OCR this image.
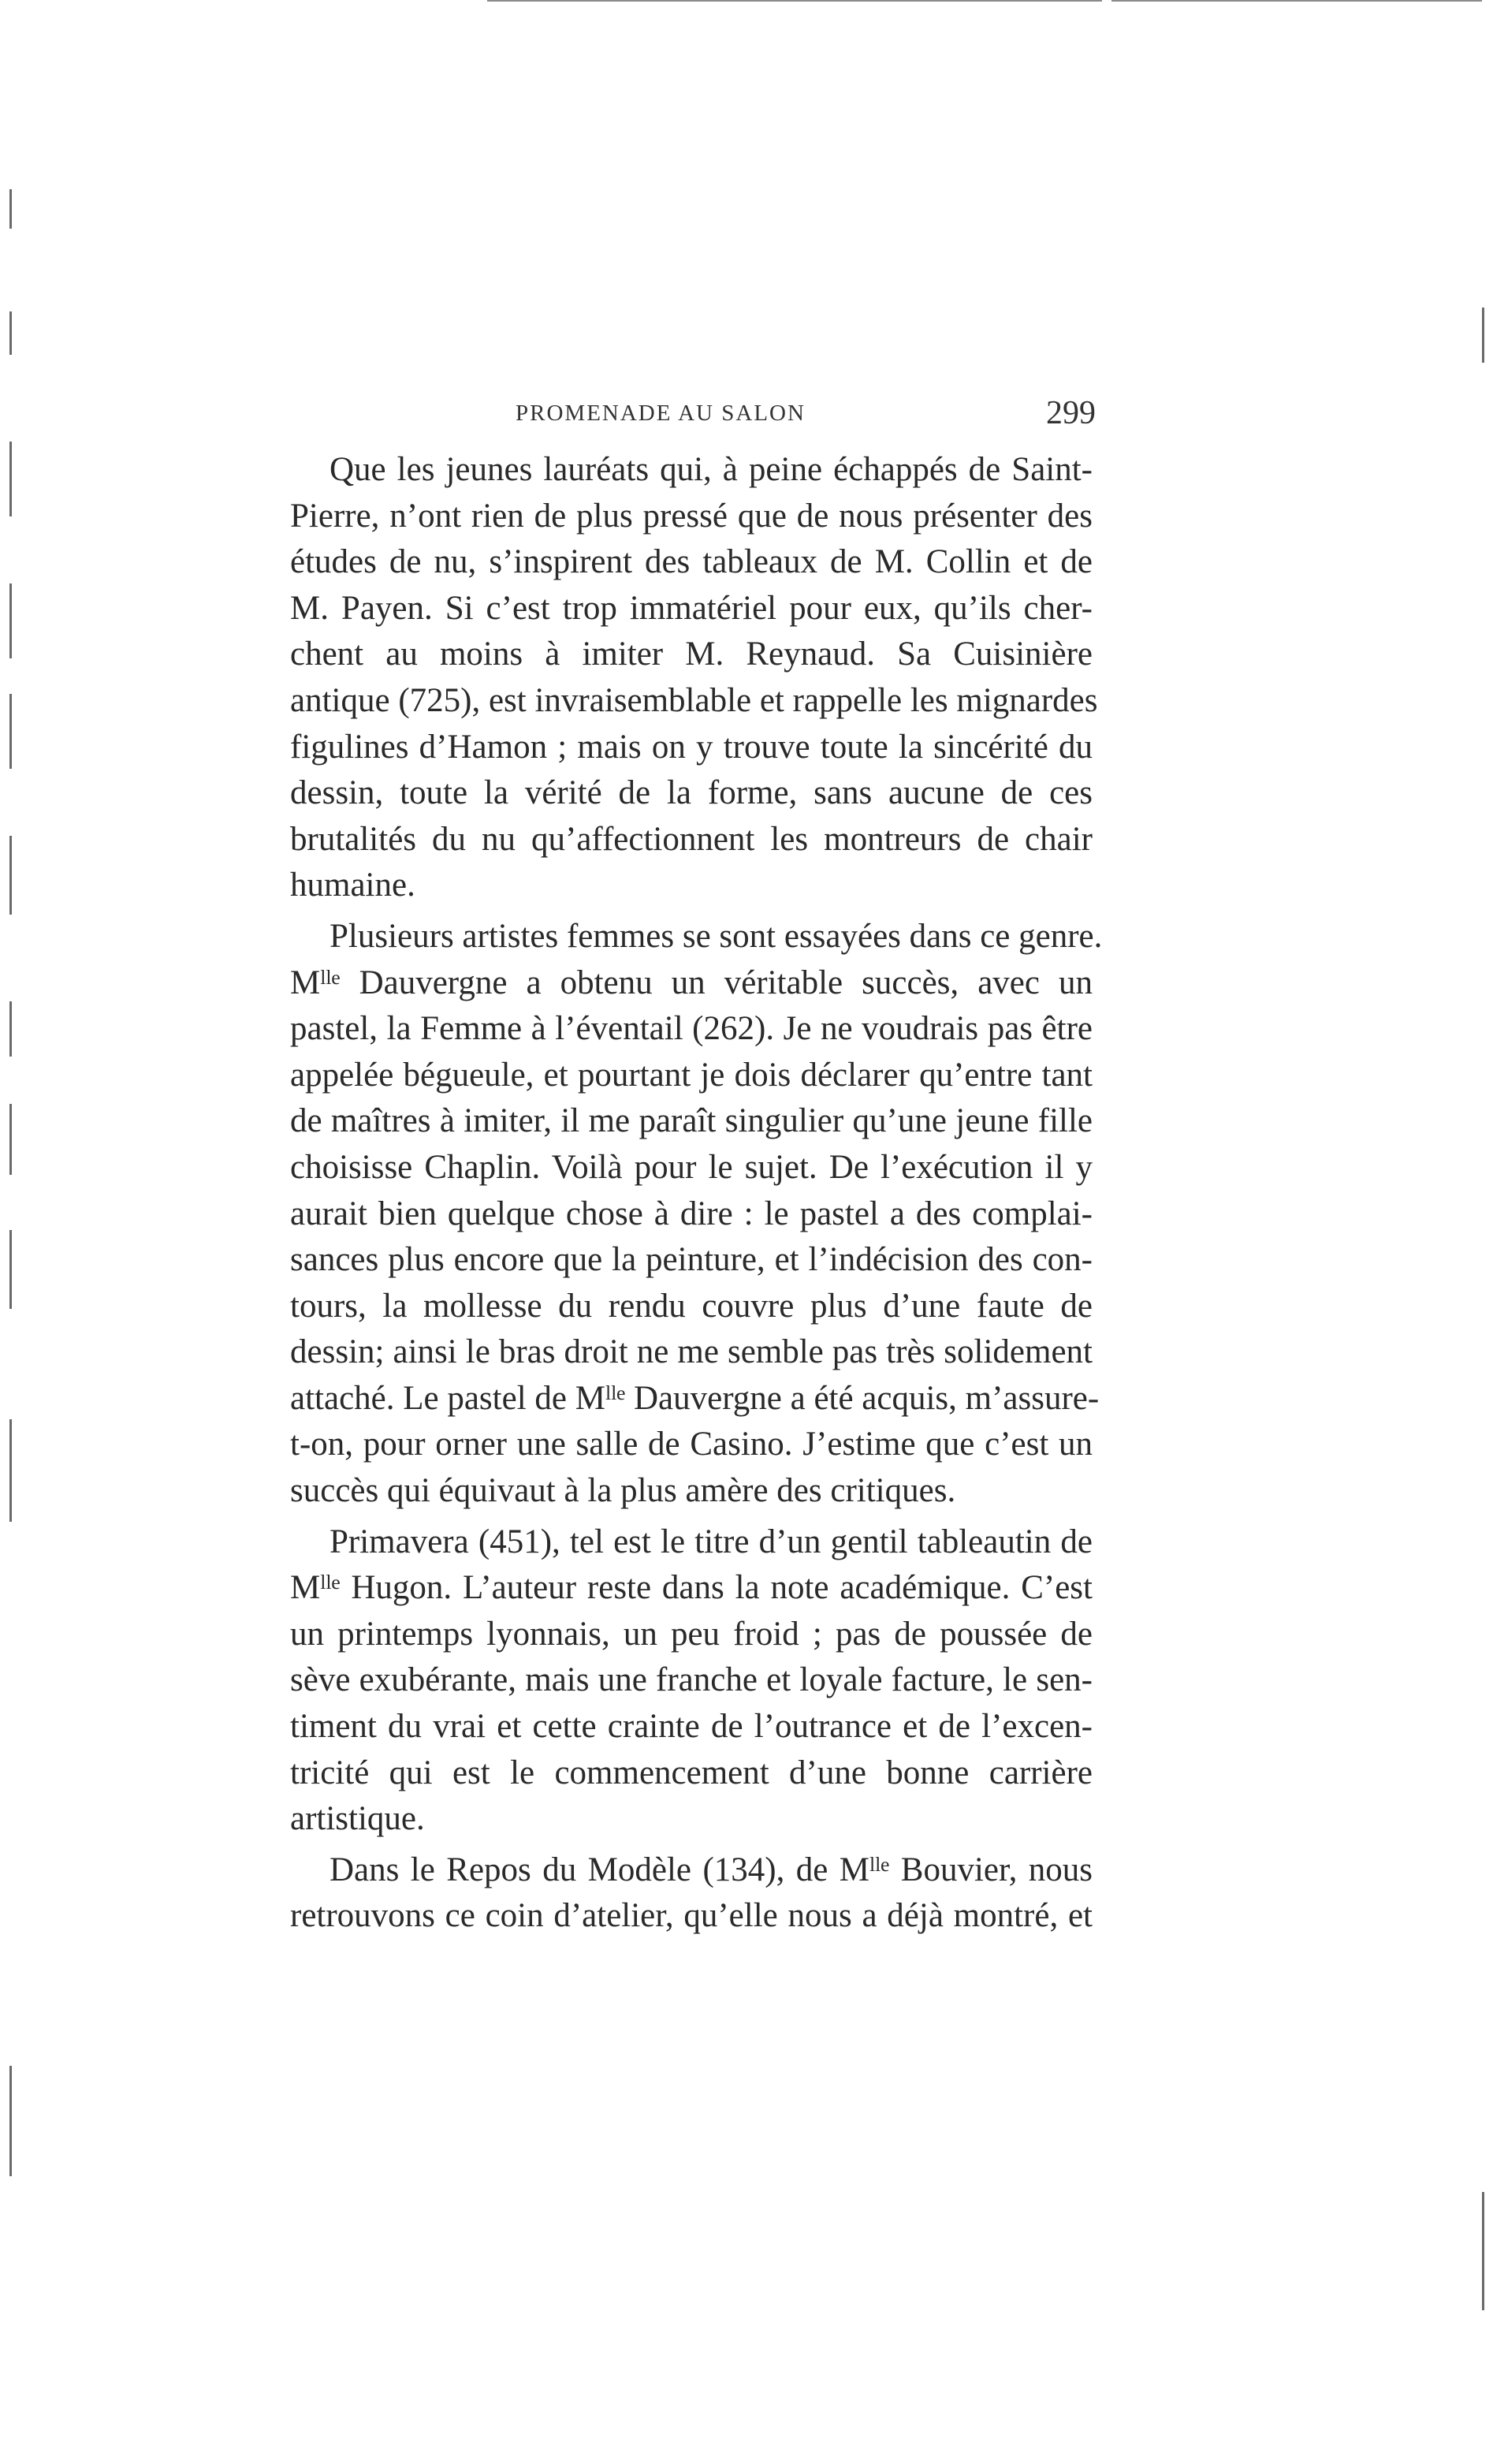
PROMENADE AU SALON	299

Que les jeunes lauréats qui, à peine échappés de Saint-
Pierre, n’ont rien de plus pressé que de nous présenter des
études de nu, s’inspirent des tableaux de M. Collin et de
M. Payen. Si c’est trop immatériel pour eux, qu’ils cher-
chent au moins à imiter M. Reynaud. Sa Cuisinière
antique (725), est invraisemblable et rappelle les mignardes
figulines d’Hamon ; mais on y trouve toute la sincérité du
dessin, toute la vérité de la forme, sans aucune de ces
brutalités du nu qu’affectionnent les montreurs de chair
humaine.

Plusieurs artistes femmes se sont essayées dans ce genre.
Mˡˡᵉ Dauvergne a obtenu un véritable succès, avec un
pastel, la Femme à l’éventail (262). Je ne voudrais pas être
appelée bégueule, et pourtant je dois déclarer qu’entre tant
de maîtres à imiter, il me paraît singulier qu’une jeune fille
choisisse Chaplin. Voilà pour le sujet. De l’exécution il y
aurait bien quelque chose à dire : le pastel a des complai-
sances plus encore que la peinture, et l’indécision des con-
tours, la mollesse du rendu couvre plus d’une faute de
dessin; ainsi le bras droit ne me semble pas très solidement
attaché. Le pastel de Mˡˡᵉ Dauvergne a été acquis, m’assure-
t-on, pour orner une salle de Casino. J’estime que c’est un
succès qui équivaut à la plus amère des critiques.

Primavera (451), tel est le titre d’un gentil tableautin de
Mˡˡᵉ Hugon. L’auteur reste dans la note académique. C’est
un printemps lyonnais, un peu froid ; pas de poussée de
sève exubérante, mais une franche et loyale facture, le sen-
timent du vrai et cette crainte de l’outrance et de l’excen-
tricité qui est le commencement d’une bonne carrière
artistique.

Dans le Repos du Modèle (134), de Mˡˡᵉ Bouvier, nous
retrouvons ce coin d’atelier, qu’elle nous a déjà montré, et
